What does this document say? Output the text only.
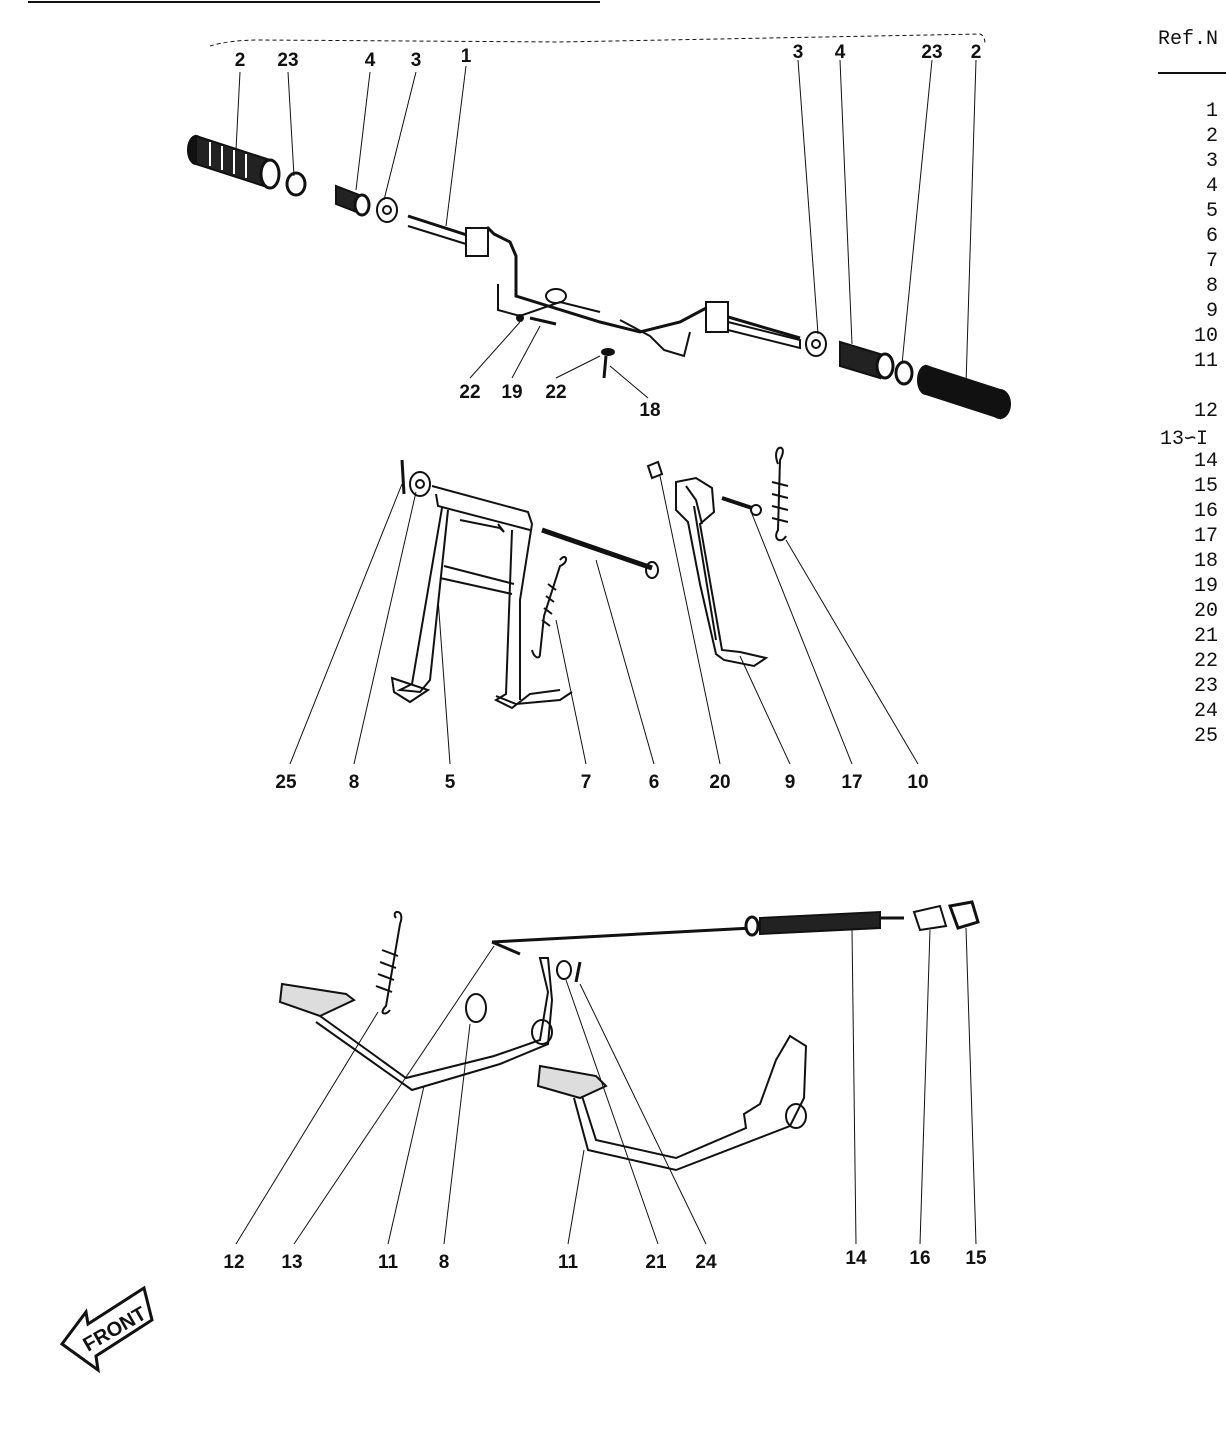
2 23	4 3 1	3 4	23 2
22 19 22
18
25	8	5	7	6	20	9 17 10
12 13	11 8	11	21 24	14 16 15
FRONT
Ref.N
1
2
3
4
5
6
7
8
9
10
11
12
13∽I
14
15
16
17
18
19
20
21
22
23
24
25
